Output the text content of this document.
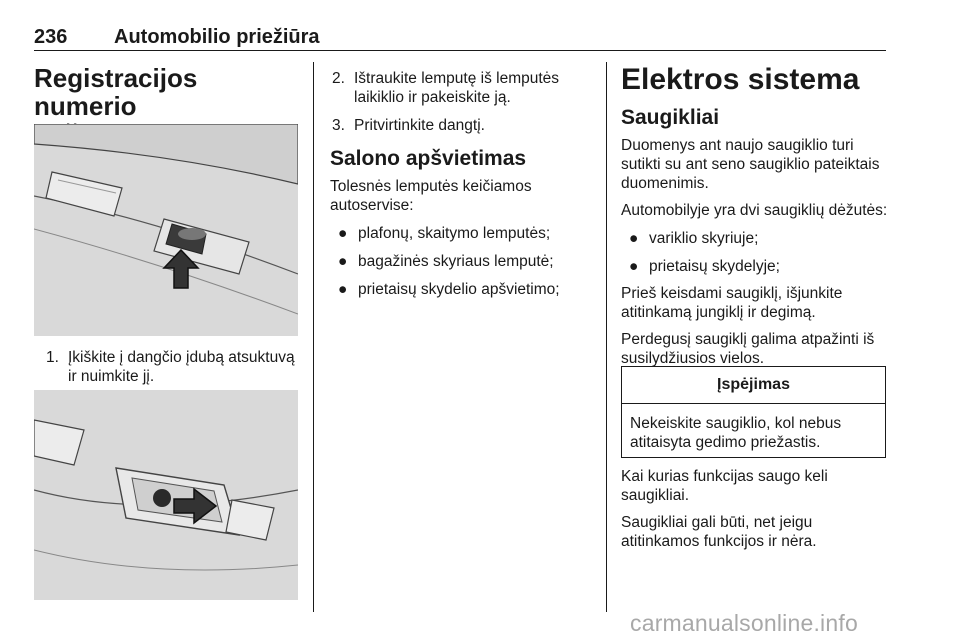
236 Automobilio priežiūra
Registracijos numerio
1. Įkiškite į dangčio įdubą atsuktuvą ir nuimkite jį.
2. Ištraukite lemputę iš lemputės laikiklio ir pakeiskite ją.
3. Pritvirtinkite dangtį.
Salono apšvietimas
Tolesnės lemputės keičiamos autoservise:
● plafonų, skaitymo lemputės;
● bagažinės skyriaus lemputė;
● prietaisų skydelio apšvietimo;
Elektros sistema
Saugikliai
Duomenys ant naujo saugiklio turi sutikti su ant seno saugiklio pateiktais duomenimis.
Automobilyje yra dvi saugiklių dėžutės:
● variklio skyriuje;
● prietaisų skydelyje;
Prieš keisdami saugiklį, išjunkite atitinkamą jungiklį ir degimą.
Perdegusį saugiklį galima atpažinti iš susilydžiusios vielos.
Įspėjimas
Nekeiskite saugiklio, kol nebus atitaisyta gedimo priežastis.
Kai kurias funkcijas saugo keli saugikliai.
Saugikliai gali būti, net jeigu atitinkamos funkcijos ir nėra.
carmanualsonline.info
